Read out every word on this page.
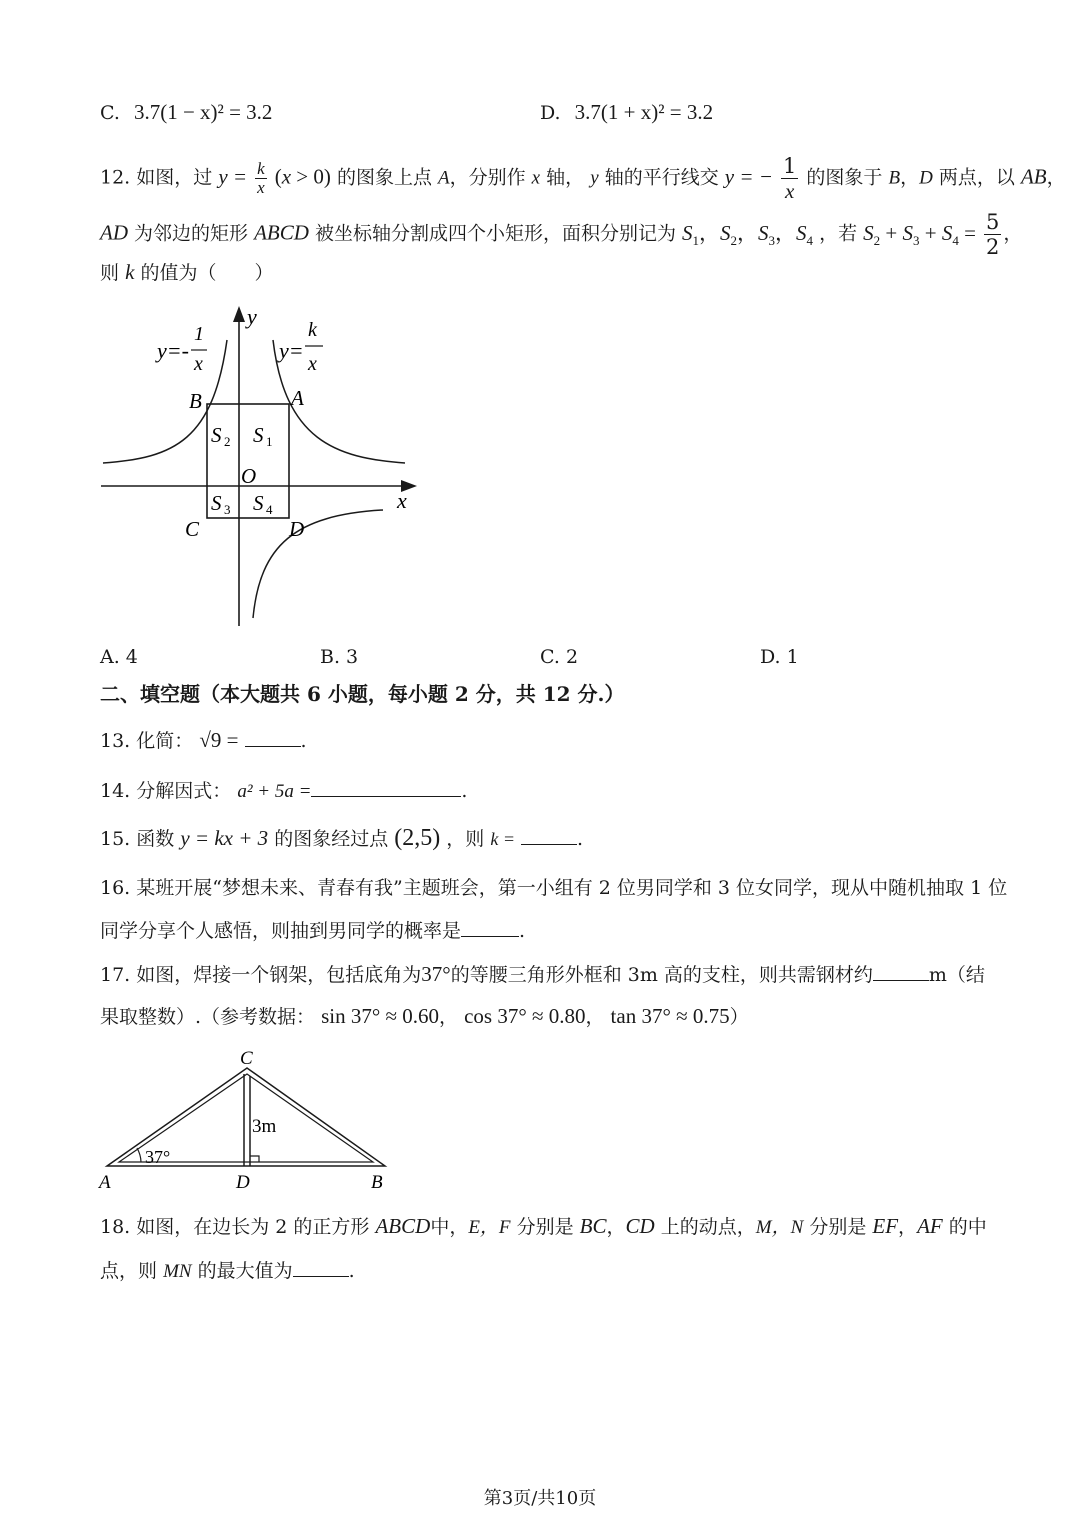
C. 3.7(1 − x)² = 3.2	D. 3.7(1 + x)² = 3.2
12. 如图，过 $y = \frac{k}{x} (x > 0)$ 的图象上点 A，分别作 x 轴， y 轴的平行线交 y = − $\frac{1}{x}$ 的图象于 B，D 两点，以 AB，
AD 为邻边的矩形 ABCD 被坐标轴分割成四个小矩形，面积分别记为 $S_1$，$S_2$，$S_3$，$S_4$ ，若 $S_2 + S_3 + S_4 = \frac{5}{2}$ ，
则 k 的值为（　　）
y=-
1
x
y=
k
x
y
x
O
B	A
C	D
S 2 S 1
S 3 S 4
A. 4	B. 3	C. 2	D. 1
二、填空题（本大题共 6 小题，每小题 2 分，共 12 分.）
13. 化简： √9 =	.
14. 分解因式： a² + 5a =	.
15. 函数 y = kx + 3 的图象经过点 (2,5) ，则 k =	.
16. 某班开展“梦想未来、青春有我”主题班会，第一小组有 2 位男同学和 3 位女同学，现从中随机抽取 1 位
同学分享个人感悟，则抽到男同学的概率是	.
17. 如图，焊接一个钢架，包括底角为37°的等腰三角形外框和 3m 高的支柱，则共需钢材约	m（结
果取整数）.（参考数据： sin 37° ≈ 0.60， cos 37° ≈ 0.80， tan 37° ≈ 0.75）
37°
3m
C
A	D	B
18. 如图，在边长为 2 的正方形 ABCD中，E，F 分别是 BC，CD 上的动点，M，N 分别是 EF，AF 的中
点，则 MN 的最大值为	.
第3页/共10页
